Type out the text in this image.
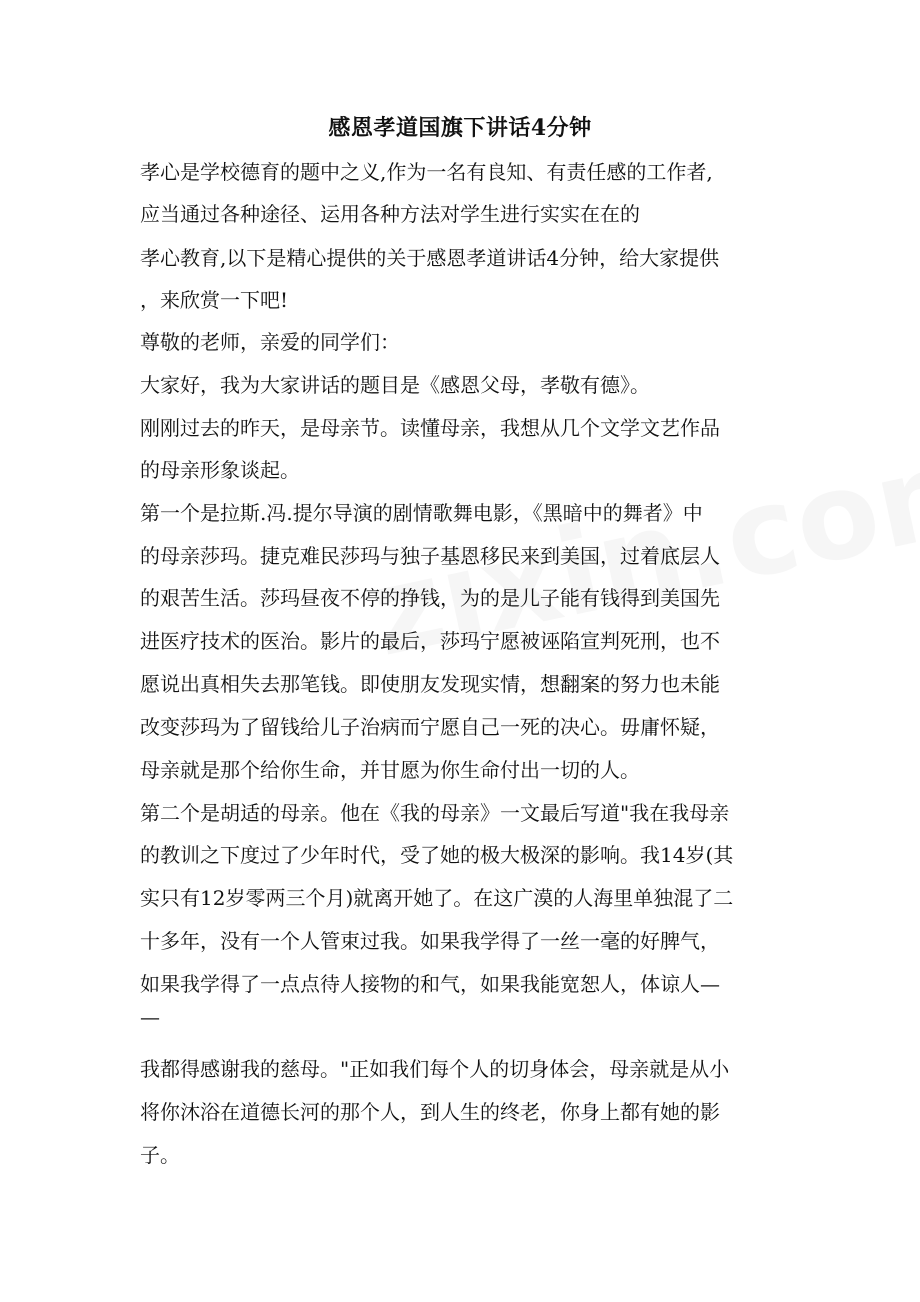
感恩孝道国旗下讲话4分钟
孝心是学校德育的题中之义,作为一名有良知、有责任感的工作者,
应当通过各种途径、运用各种方法对学生进行实实在在的
孝心教育,以下是精心提供的关于感恩孝道讲话4分钟，给大家提供
，来欣赏一下吧!
尊敬的老师，亲爱的同学们：
大家好，我为大家讲话的题目是《感恩父母，孝敬有德》。
刚刚过去的昨天，是母亲节。读懂母亲，我想从几个文学文艺作品
的母亲形象谈起。
第一个是拉斯.冯.提尔导演的剧情歌舞电影，《黑暗中的舞者》中
的母亲莎玛。捷克难民莎玛与独子基恩移民来到美国，过着底层人
的艰苦生活。莎玛昼夜不停的挣钱，为的是儿子能有钱得到美国先
进医疗技术的医治。影片的最后，莎玛宁愿被诬陷宣判死刑，也不
愿说出真相失去那笔钱。即使朋友发现实情，想翻案的努力也未能
改变莎玛为了留钱给儿子治病而宁愿自己一死的决心。毋庸怀疑，
母亲就是那个给你生命，并甘愿为你生命付出一切的人。
第二个是胡适的母亲。他在《我的母亲》一文最后写道"我在我母亲
的教训之下度过了少年时代，受了她的极大极深的影响。我14岁(其
实只有12岁零两三个月)就离开她了。在这广漠的人海里单独混了二
十多年，没有一个人管束过我。如果我学得了一丝一毫的好脾气，
如果我学得了一点点待人接物的和气，如果我能宽恕人，体谅人—
—
我都得感谢我的慈母。"正如我们每个人的切身体会，母亲就是从小
将你沐浴在道德长河的那个人，到人生的终老，你身上都有她的影
子。
